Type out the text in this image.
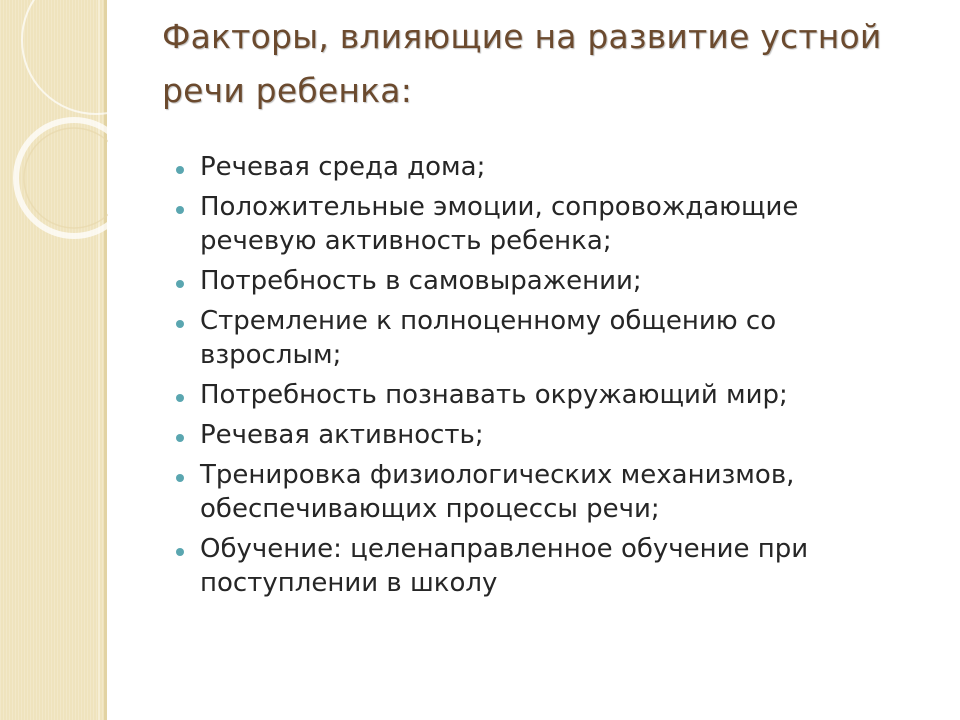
Факторы, влияющие на развитие устной речи ребенка:
Речевая среда дома;
Положительные эмоции, сопровождающие речевую активность ребенка;
Потребность в самовыражении;
Стремление к полноценному общению со взрослым;
Потребность познавать окружающий мир;
Речевая активность;
Тренировка физиологических механизмов, обеспечивающих процессы речи;
Обучение: целенаправленное обучение при поступлении в школу
